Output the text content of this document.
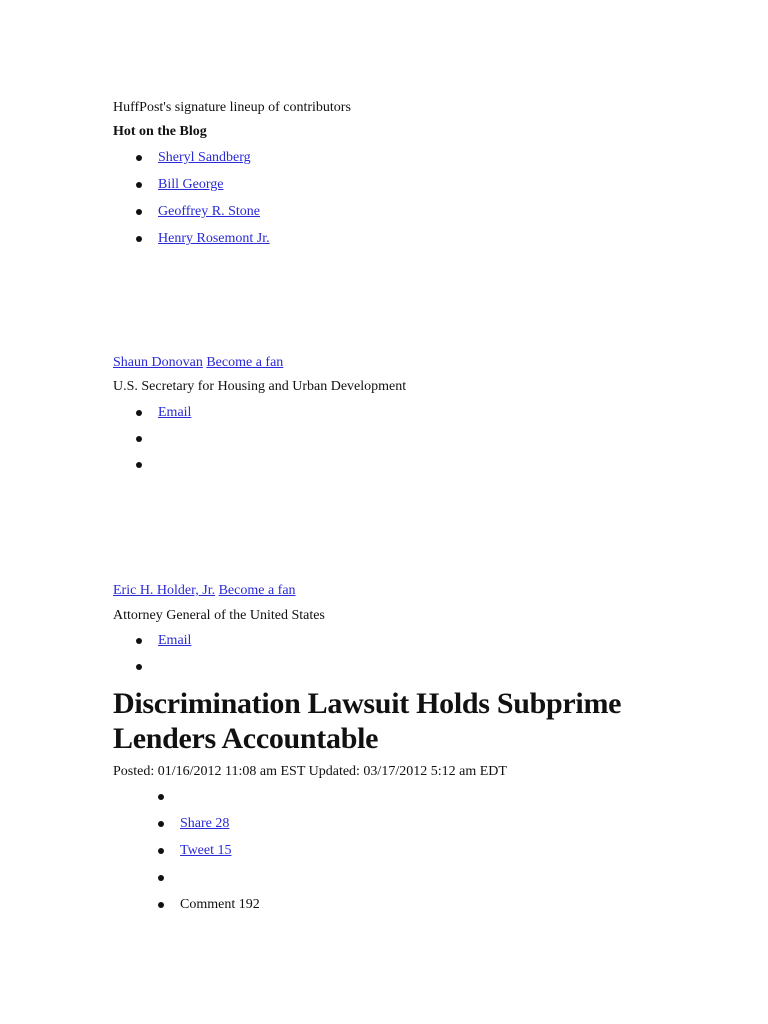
HuffPost's signature lineup of contributors
Hot on the Blog
Sheryl Sandberg
Bill George
Geoffrey R. Stone
Henry Rosemont Jr.
Shaun Donovan Become a fan
U.S. Secretary for Housing and Urban Development
Email
Eric H. Holder, Jr. Become a fan
Attorney General of the United States
Email
Discrimination Lawsuit Holds Subprime
Lenders Accountable
Posted: 01/16/2012 11:08 am EST Updated: 03/17/2012 5:12 am EDT
Share 28
Tweet 15
Comment 192
